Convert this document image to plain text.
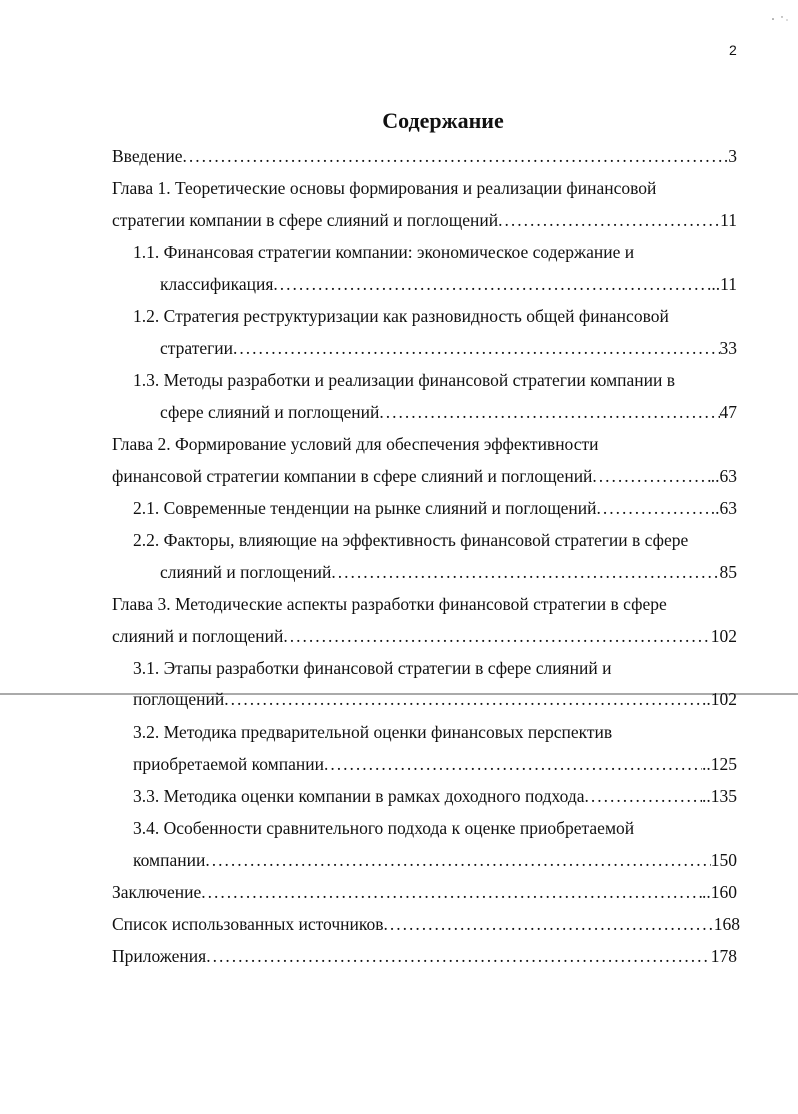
2
Содержание
Введение .....	.3
Глава 1. Теоретические основы формирования и реализации финансовой
стратегии компании в сфере слияний и поглощений .....	11
1.1. Финансовая стратегии компании: экономическое содержание и
классификация .....	...11
1.2. Стратегия реструктуризации как разновидность общей финансовой
стратегии .....	33
1.3. Методы разработки и реализации финансовой стратегии компании в
сфере слияний и поглощений .....	47
Глава 2. Формирование условий для обеспечения эффективности
финансовой стратегии компании в сфере слияний и поглощений .....	..63
2.1. Современные тенденции на рынке слияний и поглощений .....	..63
2.2. Факторы, влияющие на эффективность финансовой стратегии в сфере
слияний и поглощений .....	85
Глава 3. Методические аспекты разработки финансовой стратегии в сфере
слияний и поглощений .....	102
3.1. Этапы разработки финансовой стратегии в сфере слияний и
поглощений .....	..102
3.2. Методика предварительной оценки финансовых перспектив
приобретаемой компании .....	..125
3.3. Методика оценки компании в рамках доходного подхода .....	..135
3.4. Особенности сравнительного подхода к оценке приобретаемой
компании .....	150
Заключение .....	..160
Список использованных источников .....	168
Приложения .....	178
